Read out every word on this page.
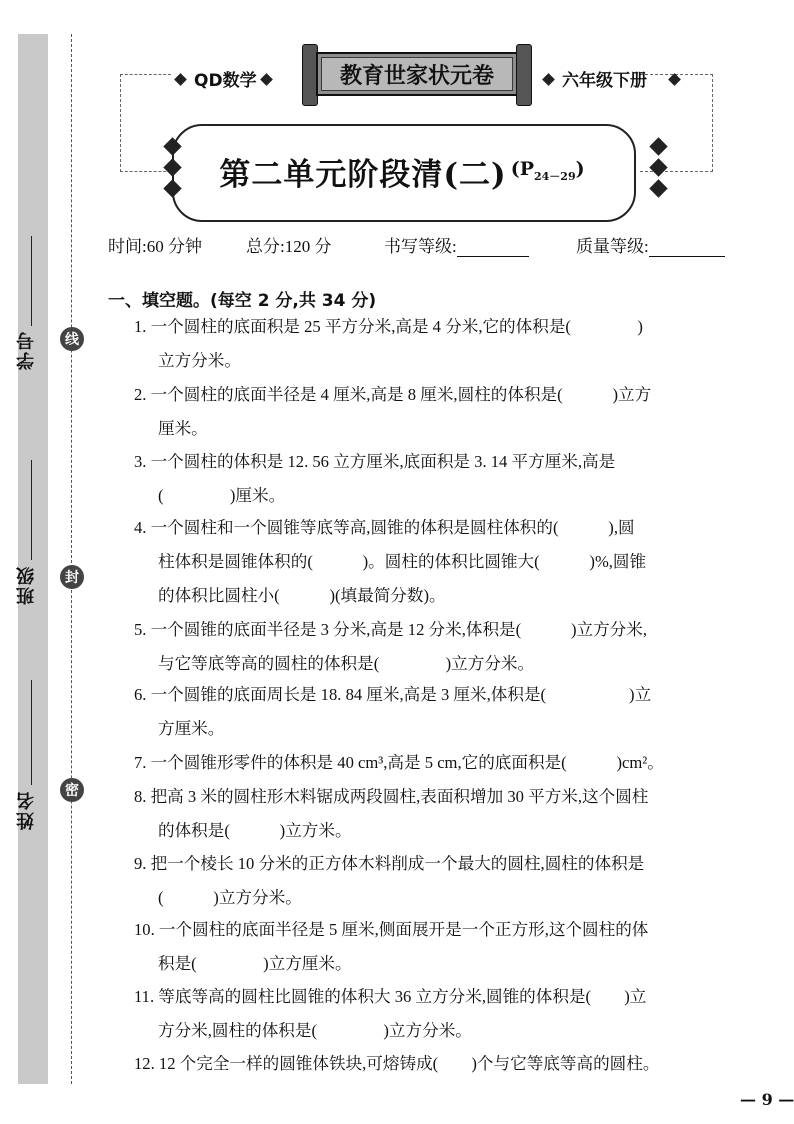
学号
班级
姓名
线
封
密
QD数学	教育世家状元卷	六年级下册
第二单元阶段清(二) $(P_{24-29})$
时间:60 分钟	总分:120 分	书写等级:	质量等级:
一、填空题。(每空 2 分,共 34 分)
1. 一个圆柱的底面积是 25 平方分米,高是 4 分米,它的体积是(　　　　)
立方分米。
2. 一个圆柱的底面半径是 4 厘米,高是 8 厘米,圆柱的体积是(　　　)立方
厘米。
3. 一个圆柱的体积是 12. 56 立方厘米,底面积是 3. 14 平方厘米,高是
(　　　　)厘米。
4. 一个圆柱和一个圆锥等底等高,圆锥的体积是圆柱体积的(　　　),圆
柱体积是圆锥体积的(　　　)。圆柱的体积比圆锥大(　　　)%,圆锥
的体积比圆柱小(　　　)(填最简分数)。
5. 一个圆锥的底面半径是 3 分米,高是 12 分米,体积是(　　　)立方分米,
与它等底等高的圆柱的体积是(　　　　)立方分米。
6. 一个圆锥的底面周长是 18. 84 厘米,高是 3 厘米,体积是(　　　　　)立
方厘米。
7. 一个圆锥形零件的体积是 40 cm³,高是 5 cm,它的底面积是(　　　)cm²。
8. 把高 3 米的圆柱形木料锯成两段圆柱,表面积增加 30 平方米,这个圆柱
的体积是(　　　)立方米。
9. 把一个棱长 10 分米的正方体木料削成一个最大的圆柱,圆柱的体积是
(　　　)立方分米。
10. 一个圆柱的底面半径是 5 厘米,侧面展开是一个正方形,这个圆柱的体
积是(　　　　)立方厘米。
11. 等底等高的圆柱比圆锥的体积大 36 立方分米,圆锥的体积是(　　)立
方分米,圆柱的体积是(　　　　)立方分米。
12. 12 个完全一样的圆锥体铁块,可熔铸成(　　)个与它等底等高的圆柱。
— 9 —
